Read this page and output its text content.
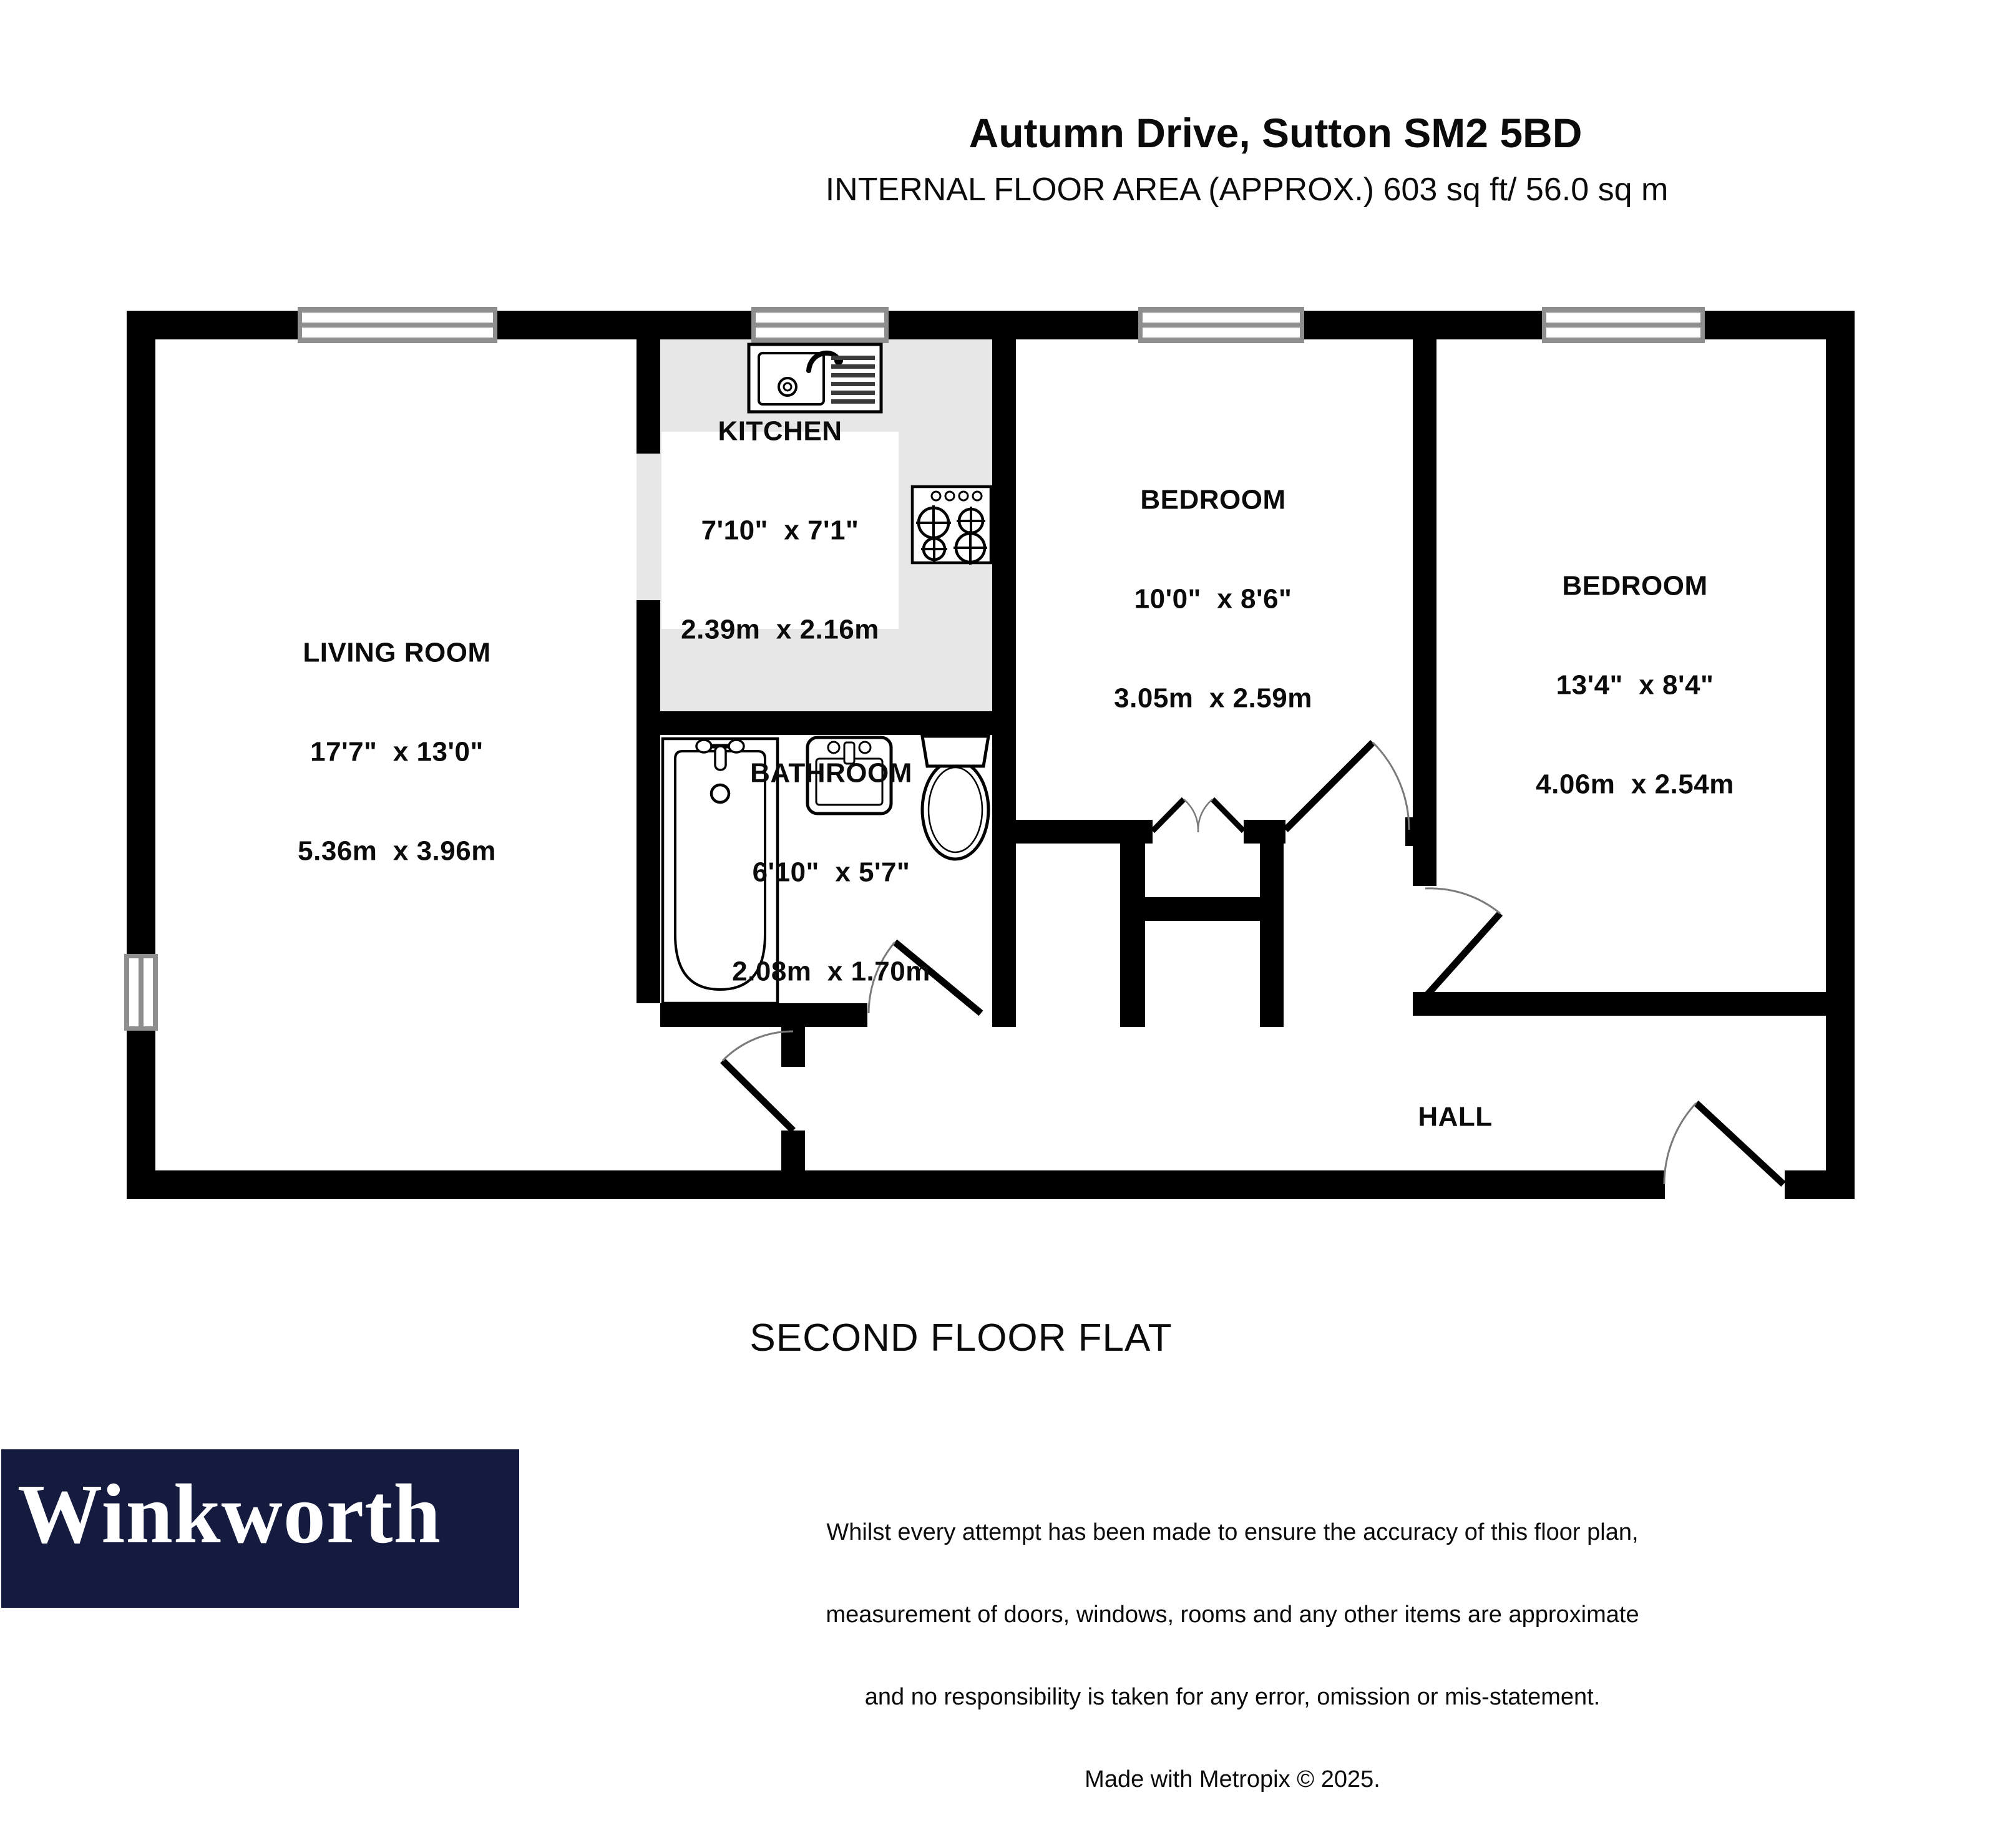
Autumn Drive, Sutton SM2 5BD
INTERNAL FLOOR AREA (APPROX.) 603 sq ft/ 56.0 sq m

LIVING ROOM

17'7"  x 13'0"

5.36m  x 3.96m

KITCHEN

7'10"  x 7'1"

2.39m  x 2.16m

BATHROOM

6'10"  x 5'7"

2.08m  x 1.70m

BEDROOM

10'0"  x 8'6"

3.05m  x 2.59m

BEDROOM

13'4"  x 8'4"

4.06m  x 2.54m

HALL

SECOND FLOOR FLAT
Winkworth

	Whilst every attempt has been made to ensure the accuracy of this floor plan,

measurement of doors, windows, rooms and any other items are approximate

and no responsibility is taken for any error, omission or mis-statement.

Made with Metropix © 2025.
